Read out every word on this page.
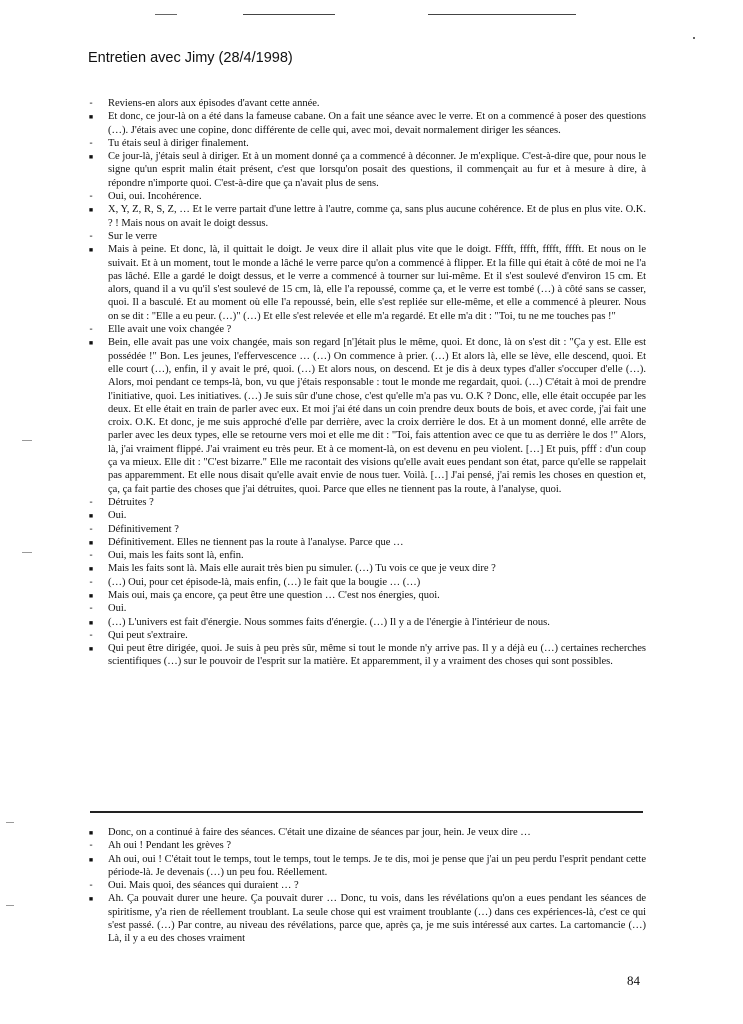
Entretien avec Jimy (28/4/1998)
-	Reviens-en alors aux épisodes d'avant cette année.
■ Et donc, ce jour-là on a été dans la fameuse cabane. On a fait une séance avec le verre. Et on a commencé à poser des questions (…). J'étais avec une copine, donc différente de celle qui, avec moi, devait normalement diriger les séances.
-	Tu étais seul à diriger finalement.
■ Ce jour-là, j'étais seul à diriger. Et à un moment donné ça a commencé à déconner. Je m'explique. C'est-à-dire que, pour nous le signe qu'un esprit malin était présent, c'est que lorsqu'on posait des questions, il commençait au fur et à mesure à dire, à répondre n'importe quoi. C'est-à-dire que ça n'avait plus de sens.
-	Oui, oui. Incohérence.
■ X, Y, Z, R, S, Z, … Et le verre partait d'une lettre à l'autre, comme ça, sans plus aucune cohérence. Et de plus en plus vite. O.K. ? ! Mais nous on avait le doigt dessus.
-	Sur le verre
■ Mais à peine. Et donc, là, il quittait le doigt. Je veux dire il allait plus vite que le doigt. Fffft, fffft, fffft, fffft. Et nous on le suivait. Et à un moment, tout le monde a lâché le verre parce qu'on a commencé à flipper. Et la fille qui était à côté de moi ne l'a pas lâché. Elle a gardé le doigt dessus, et le verre a commencé à tourner sur lui-même. Et il s'est soulevé d'environ 15 cm. Et alors, quand il a vu qu'il s'est soulevé de 15 cm, là, elle l'a repoussé, comme ça, et le verre est tombé (…) à côté sans se casser, quoi. Il a basculé. Et au moment où elle l'a repoussé, bein, elle s'est repliée sur elle-même, et elle a commencé à pleurer. Nous on se dit : "Elle a eu peur. (…)" (…) Et elle s'est relevée et elle m'a regardé. Et elle m'a dit : "Toi, tu ne me touches pas !"
-	Elle avait une voix changée ?
■ Bein, elle avait pas une voix changée, mais son regard [n']était plus le même, quoi. Et donc, là on s'est dit : "Ça y est. Elle est possédée !" Bon. Les jeunes, l'effervescence … (…) On commence à prier. (…) Et alors là, elle se lève, elle descend, quoi. Et elle court (…), enfin, il y avait le pré, quoi. (…) Et alors nous, on descend. Et je dis à deux types d'aller s'occuper d'elle (…). Alors, moi pendant ce temps-là, bon, vu que j'étais responsable : tout le monde me regardait, quoi. (…) C'était à moi de prendre l'initiative, quoi. Les initiatives. (…) Je suis sûr d'une chose, c'est qu'elle m'a pas vu. O.K ? Donc, elle, elle était occupée par les deux. Et elle était en train de parler avec eux. Et moi j'ai été dans un coin prendre deux bouts de bois, et avec corde, j'ai fait une croix. O.K. Et donc, je me suis approché d'elle par derrière, avec la croix derrière le dos. Et à un moment donné, elle arrête de parler avec les deux types, elle se retourne vers moi et elle me dit : "Toi, fais attention avec ce que tu as derrière le dos !" Alors, là, j'ai vraiment flippé. J'ai vraiment eu très peur. Et à ce moment-là, on est devenu en peu violent. […] Et puis, pfff : d'un coup ça va mieux. Elle dit : "C'est bizarre." Elle me racontait des visions qu'elle avait eues pendant son état, parce qu'elle se rappelait pas apparemment. Et elle nous disait qu'elle avait envie de nous tuer. Voilà. […] J'ai pensé, j'ai remis les choses en question et, ça, ça fait partie des choses que j'ai détruites, quoi. Parce que elles ne tiennent pas la route, à l'analyse, quoi.
-	Détruites ?
■ Oui.
-	Définitivement ?
■ Définitivement. Elles ne tiennent pas la route à l'analyse. Parce que …
-	Oui, mais les faits sont là, enfin.
■ Mais les faits sont là. Mais elle aurait très bien pu simuler. (…) Tu vois ce que je veux dire ?
-	(…) Oui, pour cet épisode-là, mais enfin, (…) le fait que la bougie … (…)
■ Mais oui, mais ça encore, ça peut être une question … C'est nos énergies, quoi.
-	Oui.
■ (…) L'univers est fait d'énergie. Nous sommes faits d'énergie. (…) Il y a de l'énergie à l'intérieur de nous.
-	Qui peut s'extraire.
■ Qui peut être dirigée, quoi. Je suis à peu près sûr, même si tout le monde n'y arrive pas. Il y a déjà eu (…) certaines recherches scientifiques (…) sur le pouvoir de l'esprit sur la matière. Et apparemment, il y a vraiment des choses qui sont possibles.
■ Donc, on a continué à faire des séances. C'était une dizaine de séances par jour, hein. Je veux dire …
-	Ah oui ! Pendant les grèves ?
■ Ah oui, oui ! C'était tout le temps, tout le temps, tout le temps. Je te dis, moi je pense que j'ai un peu perdu l'esprit pendant cette période-là. Je devenais (…) un peu fou. Réellement.
-	Oui. Mais quoi, des séances qui duraient … ?
■ Ah. Ça pouvait durer une heure. Ça pouvait durer … Donc, tu vois, dans les révélations qu'on a eues pendant les séances de spiritisme, y'a rien de réellement troublant. La seule chose qui est vraiment troublante (…) dans ces expériences-là, c'est ce qui s'est passé. (…) Par contre, au niveau des révélations, parce que, après ça, je me suis intéressé aux cartes. La cartomancie (…) Là, il y a eu des choses vraiment
84
